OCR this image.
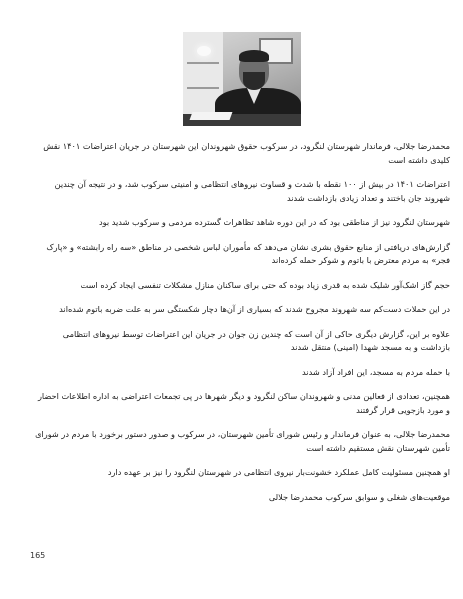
محمدرضا جلالی، فرماندار شهرستان لنگرود، در سرکوب حقوق شهروندان این شهرستان در جریان اعتراضات ۱۴۰۱ نقش کلیدی داشته است

اعتراضات ۱۴۰۱ در بیش از ۱۰۰ نقطه با شدت و قساوت نیروهای انتظامی و امنیتی سرکوب شد، و در نتیجه آن چندین شهروند جان باختند و تعداد زیادی بازداشت شدند

شهرستان لنگرود نیز از مناطقی بود که در این دوره شاهد تظاهرات گسترده مردمی و سرکوب شدید بود

گزارش‌های دریافتی از منابع حقوق بشری نشان می‌دهد که مأموران لباس شخصی در مناطق «سه راه رابشته» و «پارک فجر» به مردم معترض با باتوم و شوکر حمله کرده‌اند

حجم گاز اشک‌آور شلیک شده به قدری زیاد بوده که حتی برای ساکنان منازل مشکلات تنفسی ایجاد کرده است

در این حملات دست‌کم سه شهروند مجروح شدند که بسیاری از آن‌ها دچار شکستگی سر به علت ضربه باتوم شده‌اند

علاوه بر این، گزارش دیگری حاکی از آن است که چندین زن جوان در جریان این اعتراضات توسط نیروهای انتظامی بازداشت و به مسجد شهدا (امینی) منتقل شدند

با حمله مردم به مسجد، این افراد آزاد شدند

همچنین، تعدادی از فعالین مدنی و شهروندان ساکن لنگرود و دیگر شهرها در پی تجمعات اعتراضی به اداره اطلاعات احضار و مورد بازجویی قرار گرفتند

محمدرضا جلالی، به عنوان فرماندار و رئیس شورای تأمین شهرستان، در سرکوب و صدور دستور برخورد با مردم در شورای تأمین شهرستان نقش مستقیم داشته است

او همچنین مسئولیت کامل عملکرد خشونت‌بار نیروی انتظامی در شهرستان لنگرود را نیز بر عهده دارد

موقعیت‌های شغلی و سوابق سرکوب محمدرضا جلالی

165
